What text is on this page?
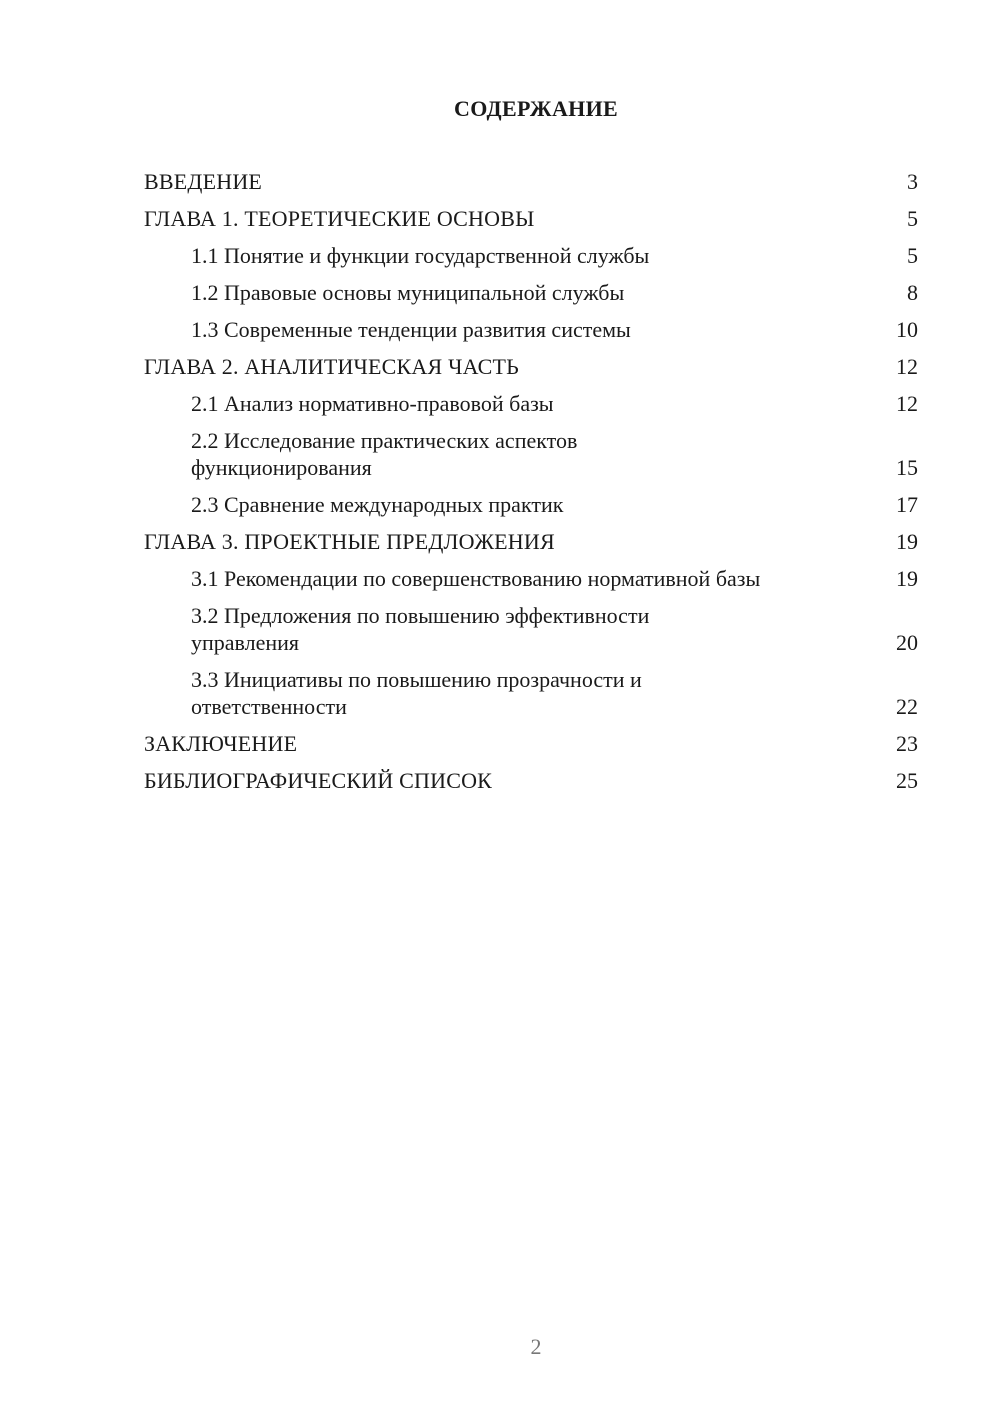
СОДЕРЖАНИЕ
ВВЕДЕНИЕ	3
ГЛАВА 1. ТЕОРЕТИЧЕСКИЕ ОСНОВЫ	5
1.1 Понятие и функции государственной службы	5
1.2 Правовые основы муниципальной службы	8
1.3 Современные тенденции развития системы	10
ГЛАВА 2. АНАЛИТИЧЕСКАЯ ЧАСТЬ	12
2.1 Анализ нормативно-правовой базы	12
2.2 Исследование практических аспектов функционирования	15
2.3 Сравнение международных практик	17
ГЛАВА 3. ПРОЕКТНЫЕ ПРЕДЛОЖЕНИЯ	19
3.1 Рекомендации по совершенствованию нормативной базы	19
3.2 Предложения по повышению эффективности управления	20
3.3 Инициативы по повышению прозрачности и ответственности	22
ЗАКЛЮЧЕНИЕ	23
БИБЛИОГРАФИЧЕСКИЙ СПИСОК	25
2
